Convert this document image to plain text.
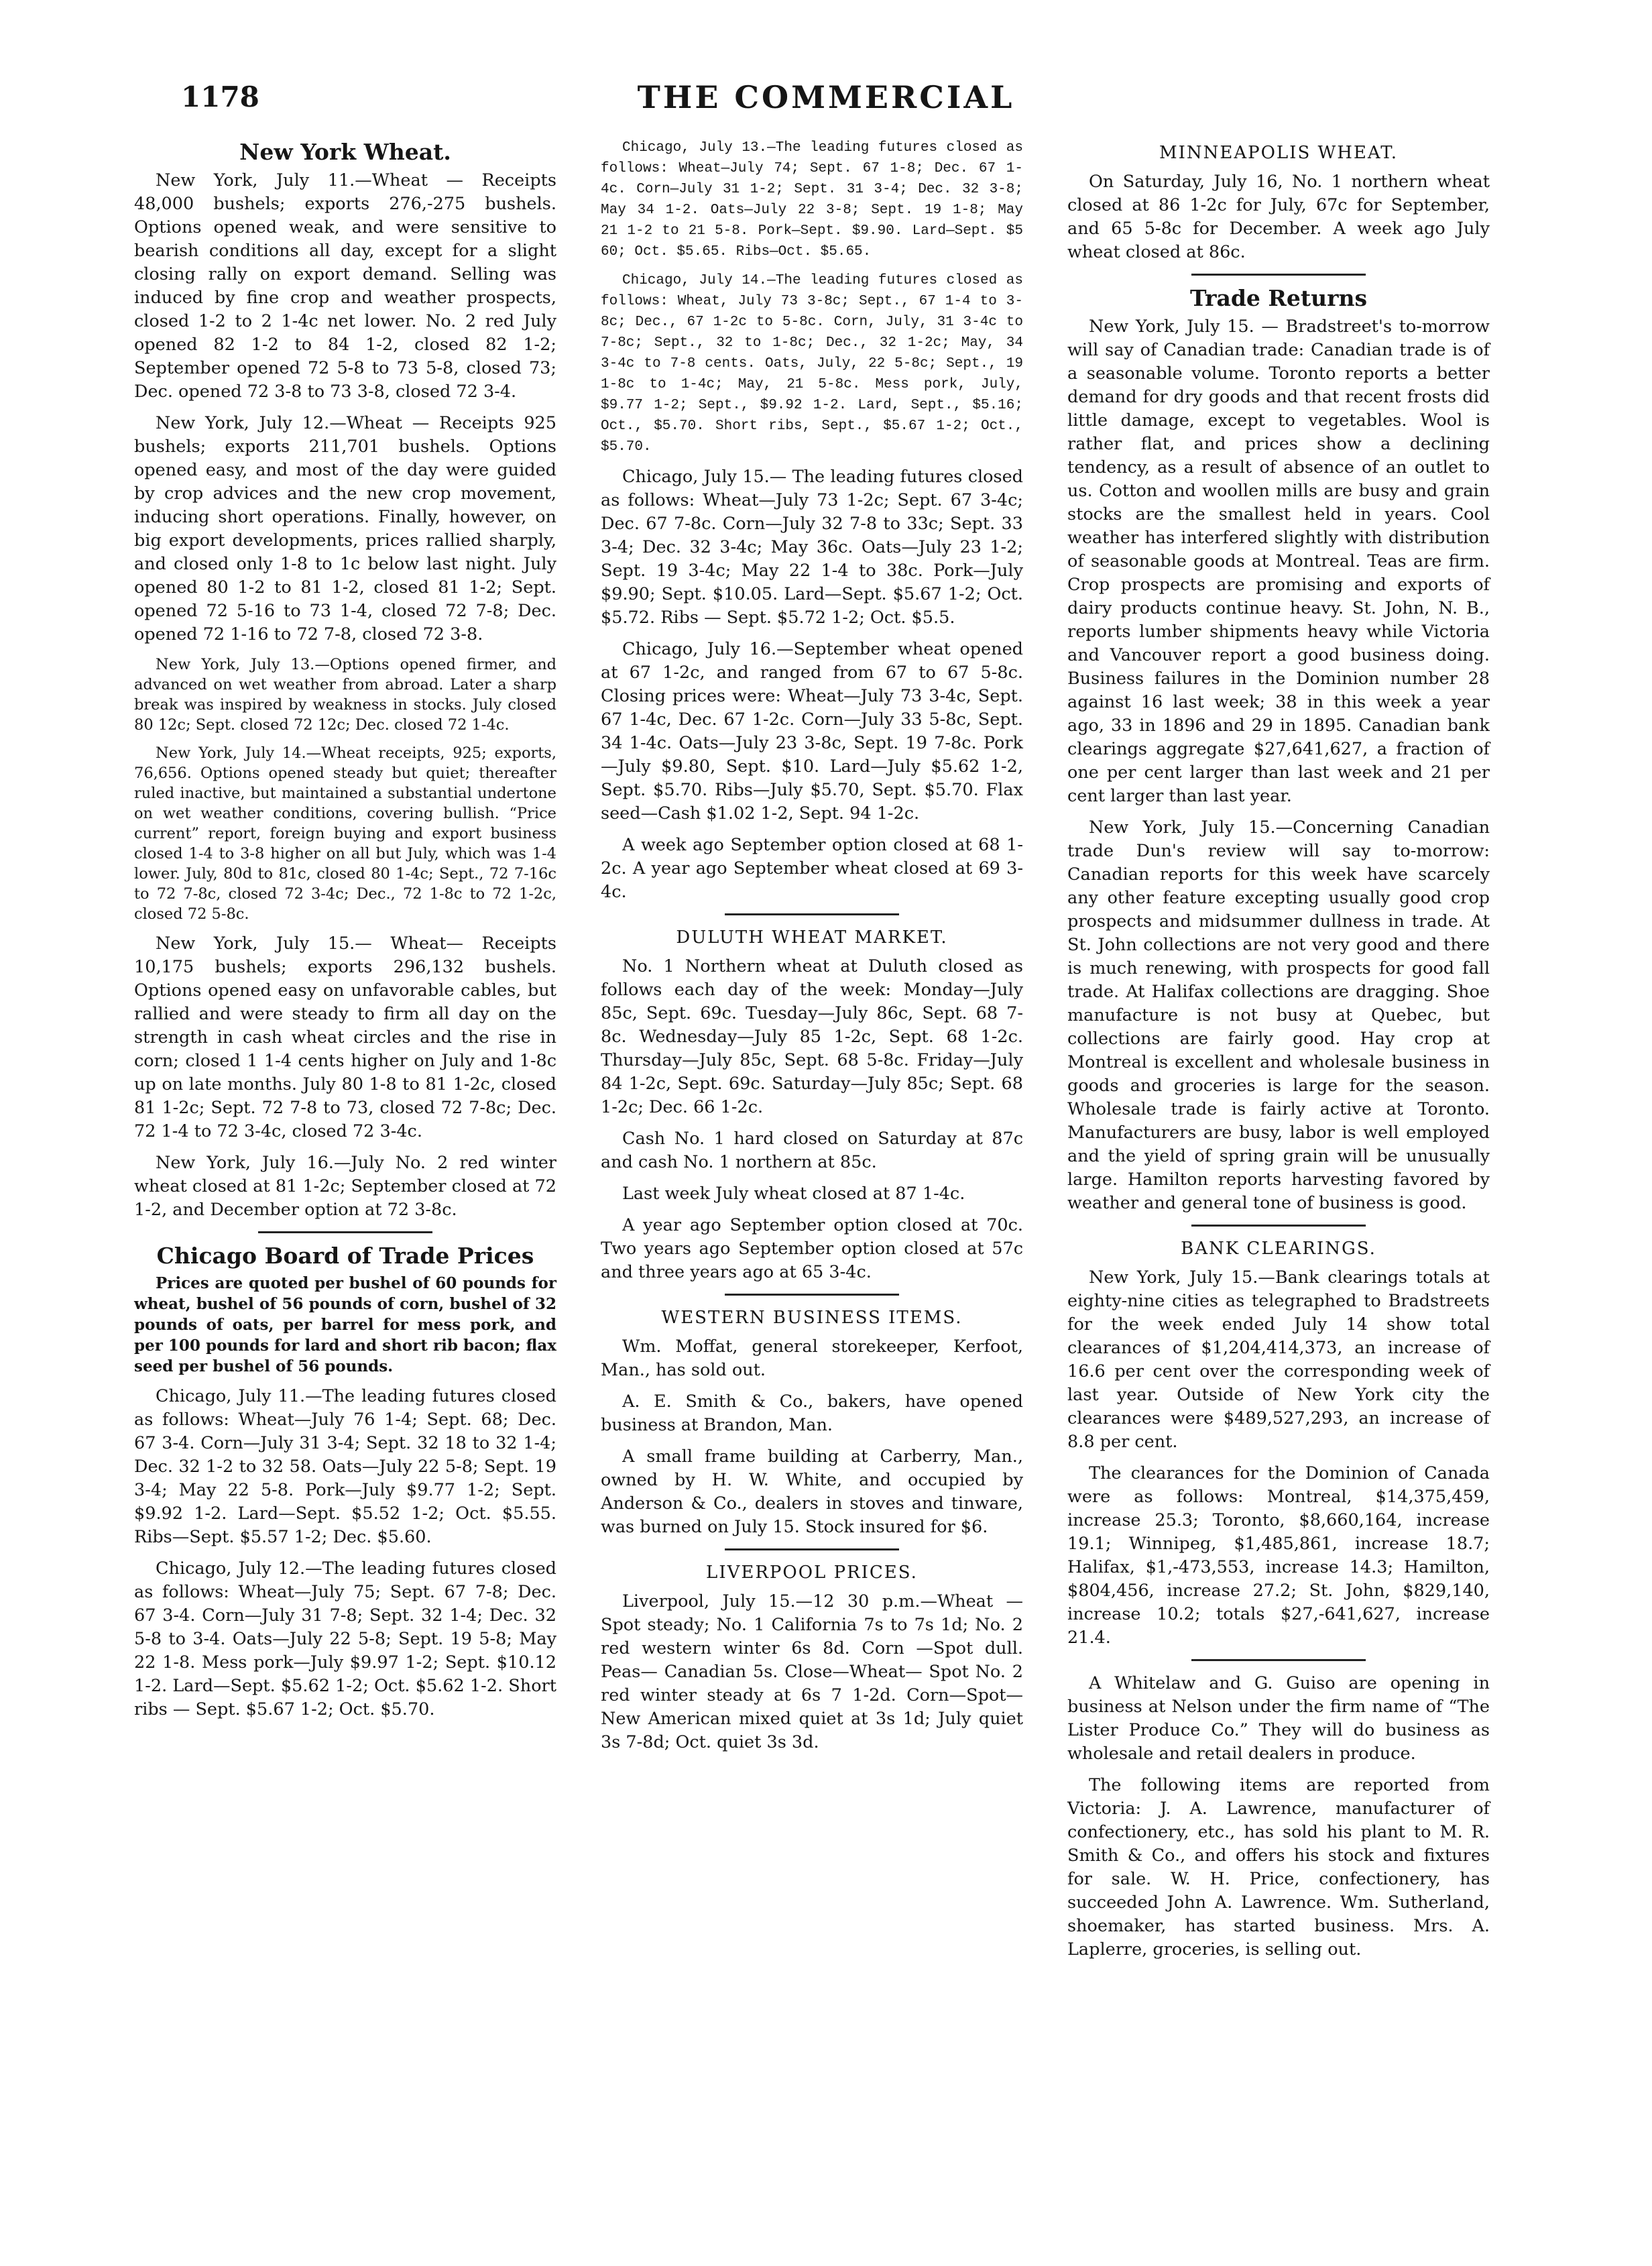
1178	THE COMMERCIAL
New York Wheat.

New York, July 11.—Wheat — Receipts 48,000 bushels; exports 276,-275 bushels. Options opened weak, and were sensitive to bearish conditions all day, except for a slight closing rally on export demand. Selling was induced by fine crop and weather prospects, closed 1-2 to 2 1-4c net lower. No. 2 red July opened 82 1-2 to 84 1-2, closed 82 1-2; September opened 72 5-8 to 73 5-8, closed 73; Dec. opened 72 3-8 to 73 3-8, closed 72 3-4.

New York, July 12.—Wheat — Receipts 925 bushels; exports 211,701 bushels. Options opened easy, and most of the day were guided by crop advices and the new crop movement, inducing short operations. Finally, however, on big export developments, prices rallied sharply, and closed only 1-8 to 1c below last night. July opened 80 1-2 to 81 1-2, closed 81 1-2; Sept. opened 72 5-16 to 73 1-4, closed 72 7-8; Dec. opened 72 1-16 to 72 7-8, closed 72 3-8.

New York, July 13.—Options opened firmer, and advanced on wet weather from abroad. Later a sharp break was inspired by weakness in stocks. July closed 80 12c; Sept. closed 72 12c; Dec. closed 72 1-4c.

New York, July 14.—Wheat receipts, 925; exports, 76,656. Options opened steady but quiet; thereafter ruled inactive, but maintained a substantial undertone on wet weather conditions, covering bullish. “Price current” report, foreign buying and export business closed 1-4 to 3-8 higher on all but July, which was 1-4 lower. July, 80d to 81c, closed 80 1-4c; Sept., 72 7-16c to 72 7-8c, closed 72 3-4c; Dec., 72 1-8c to 72 1-2c, closed 72 5-8c.

New York, July 15.— Wheat— Receipts 10,175 bushels; exports 296,132 bushels. Options opened easy on unfavorable cables, but rallied and were steady to firm all day on the strength in cash wheat circles and the rise in corn; closed 1 1-4 cents higher on July and 1-8c up on late months. July 80 1-8 to 81 1-2c, closed 81 1-2c; Sept. 72 7-8 to 73, closed 72 7-8c; Dec. 72 1-4 to 72 3-4c, closed 72 3-4c.

New York, July 16.—July No. 2 red winter wheat closed at 81 1-2c; September closed at 72 1-2, and December option at 72 3-8c.

Chicago Board of Trade Prices

Prices are quoted per bushel of 60 pounds for wheat, bushel of 56 pounds of corn, bushel of 32 pounds of oats, per barrel for mess pork, and per 100 pounds for lard and short rib bacon; flax seed per bushel of 56 pounds.

Chicago, July 11.—The leading futures closed as follows: Wheat—July 76 1-4; Sept. 68; Dec. 67 3-4. Corn—July 31 3-4; Sept. 32 18 to 32 1-4; Dec. 32 1-2 to 32 58. Oats—July 22 5-8; Sept. 19 3-4; May 22 5-8. Pork—July $9.77 1-2; Sept. $9.92 1-2. Lard—Sept. $5.52 1-2; Oct. $5.55. Ribs—Sept. $5.57 1-2; Dec. $5.60.

Chicago, July 12.—The leading futures closed as follows: Wheat—July 75; Sept. 67 7-8; Dec. 67 3-4. Corn—July 31 7-8; Sept. 32 1-4; Dec. 32 5-8 to 3-4. Oats—July 22 5-8; Sept. 19 5-8; May 22 1-8. Mess pork—July $9.97 1-2; Sept. $10.12 1-2. Lard—Sept. $5.62 1-2; Oct. $5.62 1-2. Short ribs — Sept. $5.67 1-2; Oct. $5.70.

Chicago, July 13.—The leading futures closed as follows: Wheat—July 74; Sept. 67 1-8; Dec. 67 1-4c. Corn—July 31 1-2; Sept. 31 3-4; Dec. 32 3-8; May 34 1-2. Oats—July 22 3-8; Sept. 19 1-8; May 21 1-2 to 21 5-8. Pork—Sept. $9.90. Lard—Sept. $5 60; Oct. $5.65. Ribs—Oct. $5.65.

Chicago, July 14.—The leading futures closed as follows: Wheat, July 73 3-8c; Sept., 67 1-4 to 3-8c; Dec., 67 1-2c to 5-8c. Corn, July, 31 3-4c to 7-8c; Sept., 32 to 1-8c; Dec., 32 1-2c; May, 34 3-4c to 7-8 cents. Oats, July, 22 5-8c; Sept., 19 1-8c to 1-4c; May, 21 5-8c. Mess pork, July, $9.77 1-2; Sept., $9.92 1-2. Lard, Sept., $5.16; Oct., $5.70. Short ribs, Sept., $5.67 1-2; Oct., $5.70.

Chicago, July 15.— The leading futures closed as follows: Wheat—July 73 1-2c; Sept. 67 3-4c; Dec. 67 7-8c. Corn—July 32 7-8 to 33c; Sept. 33 3-4; Dec. 32 3-4c; May 36c. Oats—July 23 1-2; Sept. 19 3-4c; May 22 1-4 to 38c. Pork—July $9.90; Sept. $10.05. Lard—Sept. $5.67 1-2; Oct. $5.72. Ribs — Sept. $5.72 1-2; Oct. $5.5.

Chicago, July 16.—September wheat opened at 67 1-2c, and ranged from 67 to 67 5-8c. Closing prices were: Wheat—July 73 3-4c, Sept. 67 1-4c, Dec. 67 1-2c. Corn—July 33 5-8c, Sept. 34 1-4c. Oats—July 23 3-8c, Sept. 19 7-8c. Pork—July $9.80, Sept. $10. Lard—July $5.62 1-2, Sept. $5.70. Ribs—July $5.70, Sept. $5.70. Flax seed—Cash $1.02 1-2, Sept. 94 1-2c.

A week ago September option closed at 68 1-2c. A year ago September wheat closed at 69 3-4c.

DULUTH WHEAT MARKET.

No. 1 Northern wheat at Duluth closed as follows each day of the week: Monday—July 85c, Sept. 69c. Tuesday—July 86c, Sept. 68 7-8c. Wednesday—July 85 1-2c, Sept. 68 1-2c. Thursday—July 85c, Sept. 68 5-8c. Friday—July 84 1-2c, Sept. 69c. Saturday—July 85c; Sept. 68 1-2c; Dec. 66 1-2c.

Cash No. 1 hard closed on Saturday at 87c and cash No. 1 northern at 85c.

Last week July wheat closed at 87 1-4c.

A year ago September option closed at 70c. Two years ago September option closed at 57c and three years ago at 65 3-4c.

WESTERN BUSINESS ITEMS.

Wm. Moffat, general storekeeper, Kerfoot, Man., has sold out.

A. E. Smith & Co., bakers, have opened business at Brandon, Man.

A small frame building at Carberry, Man., owned by H. W. White, and occupied by Anderson & Co., dealers in stoves and tinware, was burned on July 15. Stock insured for $6.

LIVERPOOL PRICES.

Liverpool, July 15.—12 30 p.m.—Wheat —Spot steady; No. 1 California 7s to 7s 1d; No. 2 red western winter 6s 8d. Corn —Spot dull. Peas— Canadian 5s. Close—Wheat— Spot No. 2 red winter steady at 6s 7 1-2d. Corn—Spot—New American mixed quiet at 3s 1d; July quiet 3s 7-8d; Oct. quiet 3s 3d.

MINNEAPOLIS WHEAT.

On Saturday, July 16, No. 1 northern wheat closed at 86 1-2c for July, 67c for September, and 65 5-8c for December. A week ago July wheat closed at 86c.

Trade Returns

New York, July 15. — Bradstreet's to-morrow will say of Canadian trade: Canadian trade is of a seasonable volume. Toronto reports a better demand for dry goods and that recent frosts did little damage, except to vegetables. Wool is rather flat, and prices show a declining tendency, as a result of absence of an outlet to us. Cotton and woollen mills are busy and grain stocks are the smallest held in years. Cool weather has interfered slightly with distribution of seasonable goods at Montreal. Teas are firm. Crop prospects are promising and exports of dairy products continue heavy. St. John, N. B., reports lumber shipments heavy while Victoria and Vancouver report a good business doing. Business failures in the Dominion number 28 against 16 last week; 38 in this week a year ago, 33 in 1896 and 29 in 1895. Canadian bank clearings aggregate $27,641,627, a fraction of one per cent larger than last week and 21 per cent larger than last year.

New York, July 15.—Concerning Canadian trade Dun's review will say to-morrow: Canadian reports for this week have scarcely any other feature excepting usually good crop prospects and midsummer dullness in trade. At St. John collections are not very good and there is much renewing, with prospects for good fall trade. At Halifax collections are dragging. Shoe manufacture is not busy at Quebec, but collections are fairly good. Hay crop at Montreal is excellent and wholesale business in goods and groceries is large for the season. Wholesale trade is fairly active at Toronto. Manufacturers are busy, labor is well employed and the yield of spring grain will be unusually large. Hamilton reports harvesting favored by weather and general tone of business is good.

BANK CLEARINGS.

New York, July 15.—Bank clearings totals at eighty-nine cities as telegraphed to Bradstreets for the week ended July 14 show total clearances of $1,204,414,373, an increase of 16.6 per cent over the corresponding week of last year. Outside of New York city the clearances were $489,527,293, an increase of 8.8 per cent.

The clearances for the Dominion of Canada were as follows: Montreal, $14,375,459, increase 25.3; Toronto, $8,660,164, increase 19.1; Winnipeg, $1,485,861, increase 18.7; Halifax, $1,-473,553, increase 14.3; Hamilton, $804,456, increase 27.2; St. John, $829,140, increase 10.2; totals $27,-641,627, increase 21.4.

A Whitelaw and G. Guiso are opening in business at Nelson under the firm name of “The Lister Produce Co.” They will do business as wholesale and retail dealers in produce.

The following items are reported from Victoria: J. A. Lawrence, manufacturer of confectionery, etc., has sold his plant to M. R. Smith & Co., and offers his stock and fixtures for sale. W. H. Price, confectionery, has succeeded John A. Lawrence. Wm. Sutherland, shoemaker, has started business. Mrs. A. Laplerre, groceries, is selling out.
